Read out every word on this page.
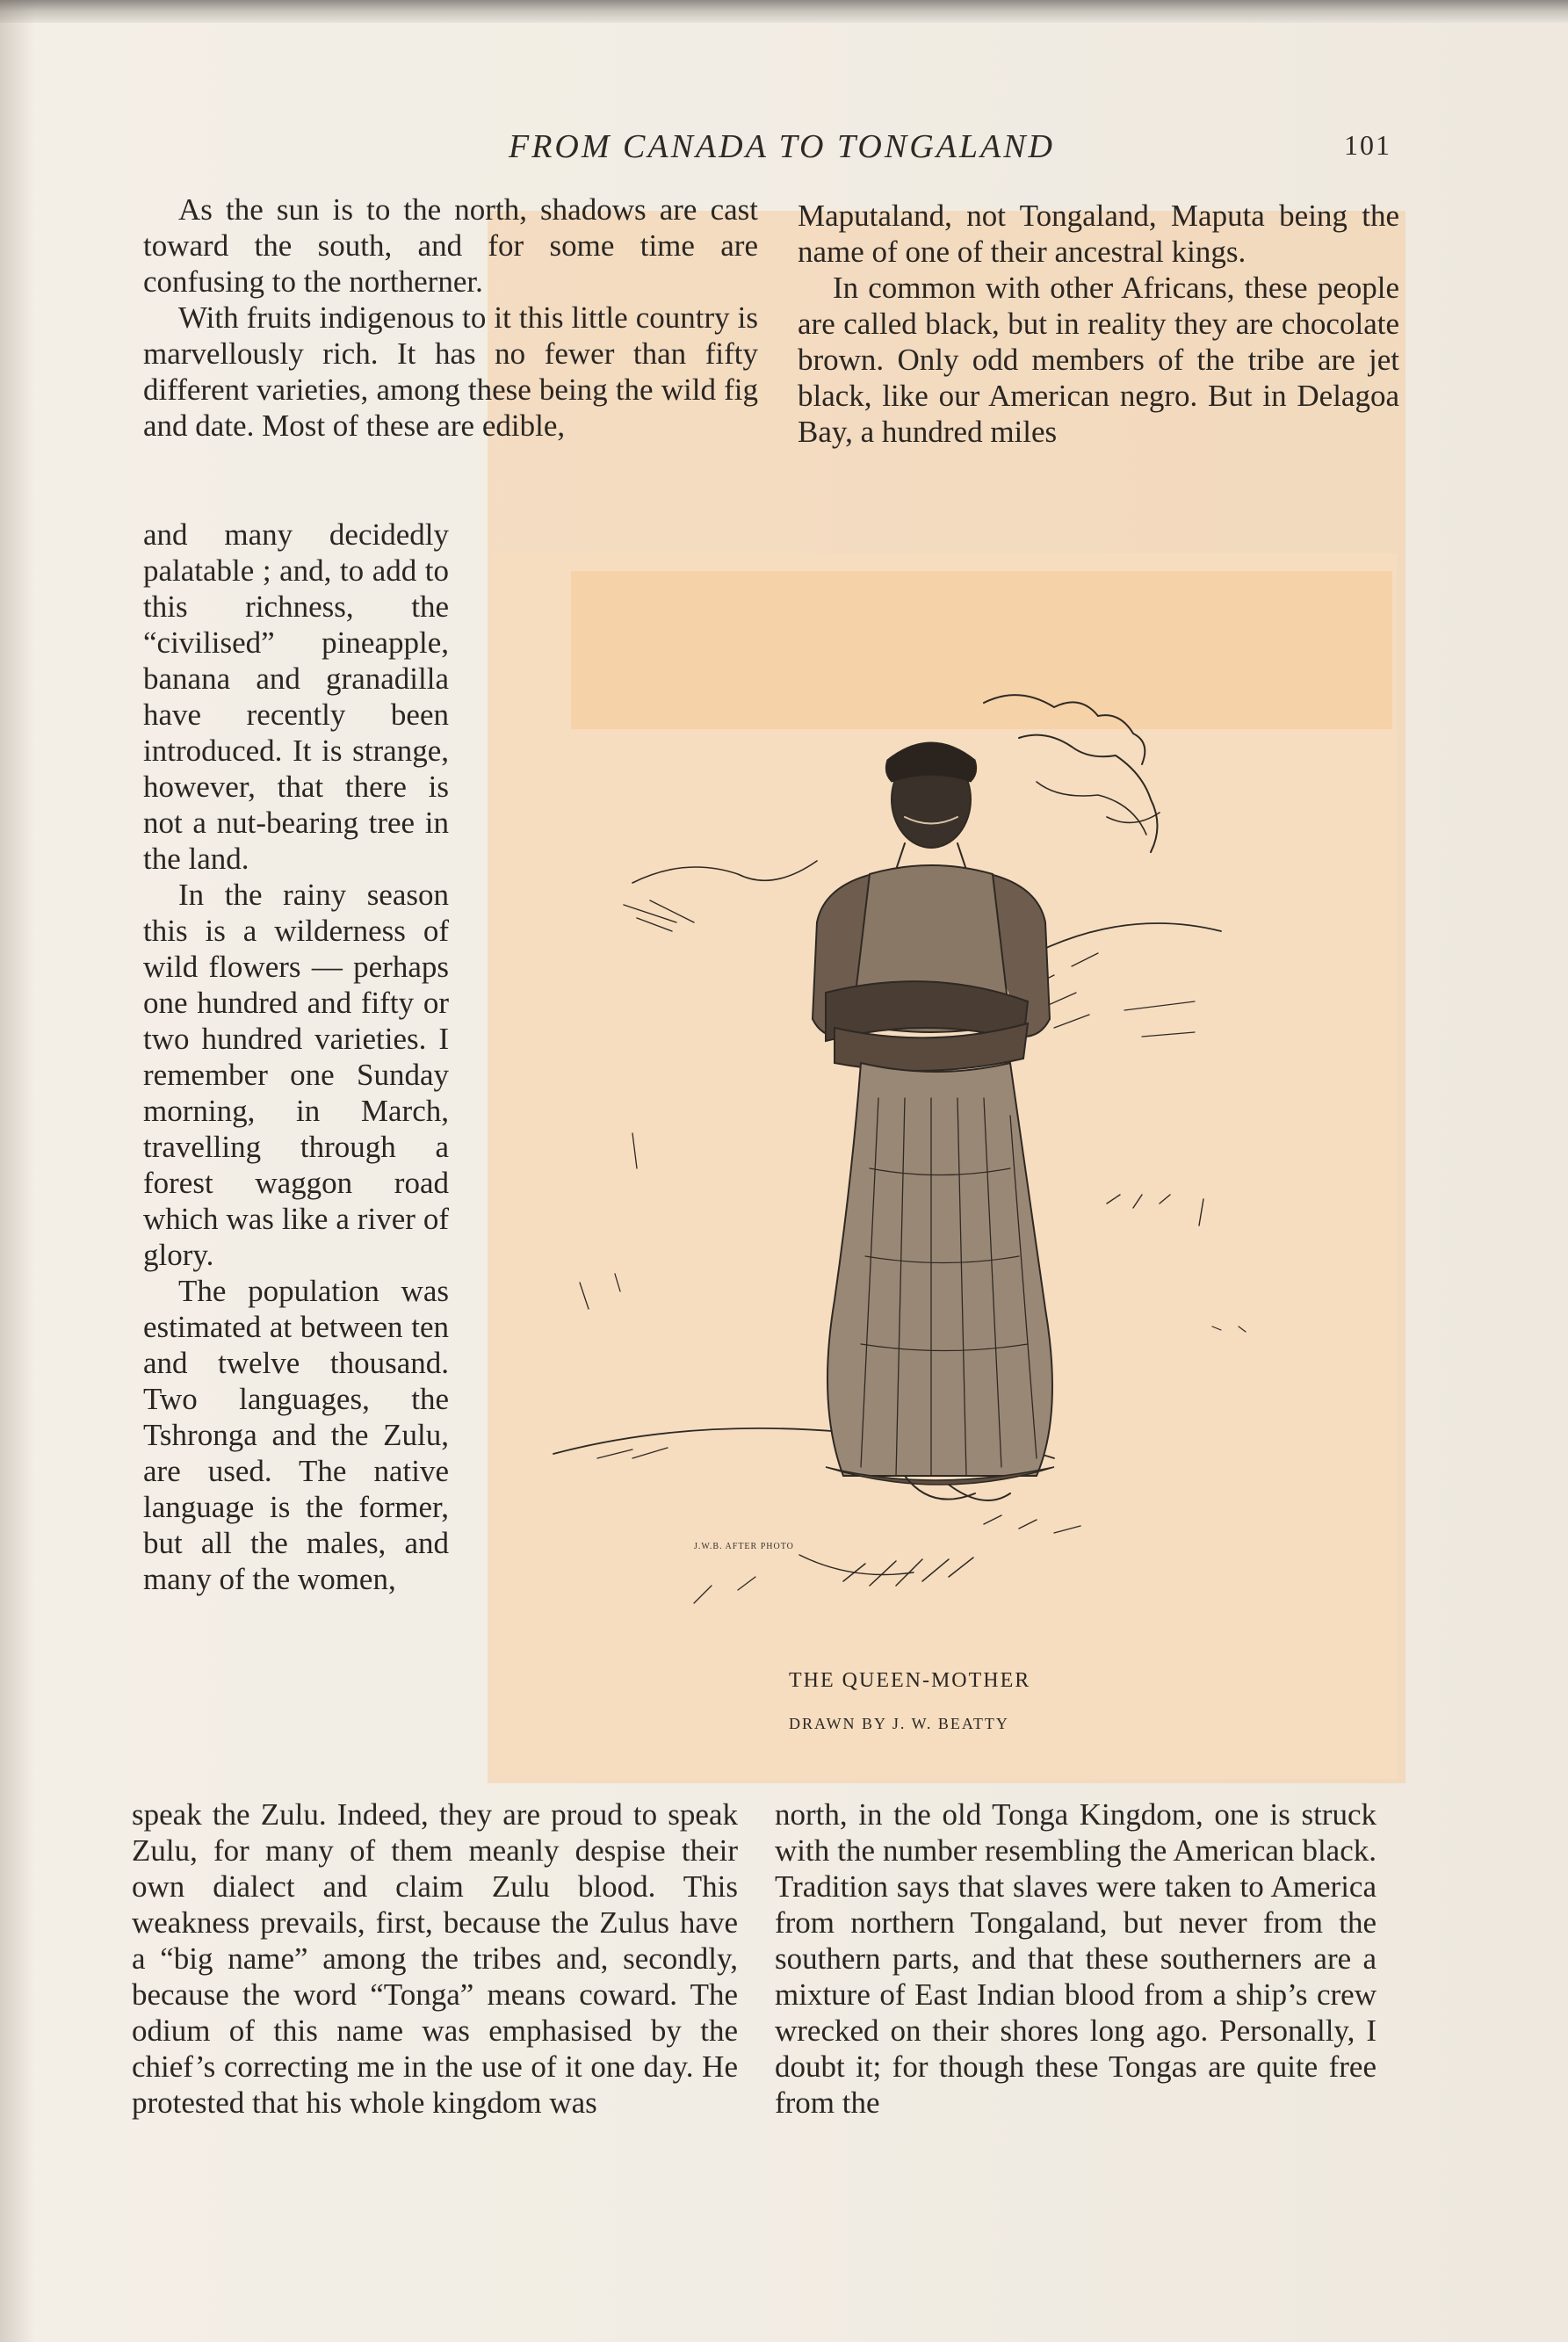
FROM CANADA TO TONGALAND	101

As the sun is to the north, shadows are cast toward the south, and for some time are confusing to the northerner.

With fruits indigenous to it this little country is marvellously rich. It has no fewer than fifty different varieties, among these being the wild fig and date. Most of these are edible,

and many decidedly palatable ; and, to add to this richness, the “civilised” pineapple, banana and granadilla have recently been introduced. It is strange, however, that there is not a nut-bearing tree in the land.

In the rainy season this is a wilderness of wild flowers — perhaps one hundred and fifty or two hundred varieties. I remember one Sunday morning, in March, travelling through a forest waggon road which was like a river of glory.

The population was estimated at between ten and twelve thousand. Two languages, the Tshronga and the Zulu, are used. The native language is the former, but all the males, and many of the women,

Maputaland, not Tongaland, Maputa being the name of one of their ancestral kings.

In common with other Africans, these people are called black, but in reality they are chocolate brown. Only odd members of the tribe are jet black, like our American negro. But in Delagoa Bay, a hundred miles

J.W.B. AFTER PHOTO
THE QUEEN-MOTHER
DRAWN BY J. W. BEATTY

speak the Zulu. Indeed, they are proud to speak Zulu, for many of them meanly despise their own dialect and claim Zulu blood. This weakness prevails, first, because the Zulus have a “big name” among the tribes and, secondly, because the word “Tonga” means coward. The odium of this name was emphasised by the chief’s correcting me in the use of it one day. He protested that his whole kingdom was

north, in the old Tonga Kingdom, one is struck with the number resembling the American black. Tradition says that slaves were taken to America from northern Tongaland, but never from the southern parts, and that these southerners are a mixture of East Indian blood from a ship’s crew wrecked on their shores long ago. Personally, I doubt it; for though these Tongas are quite free from the
